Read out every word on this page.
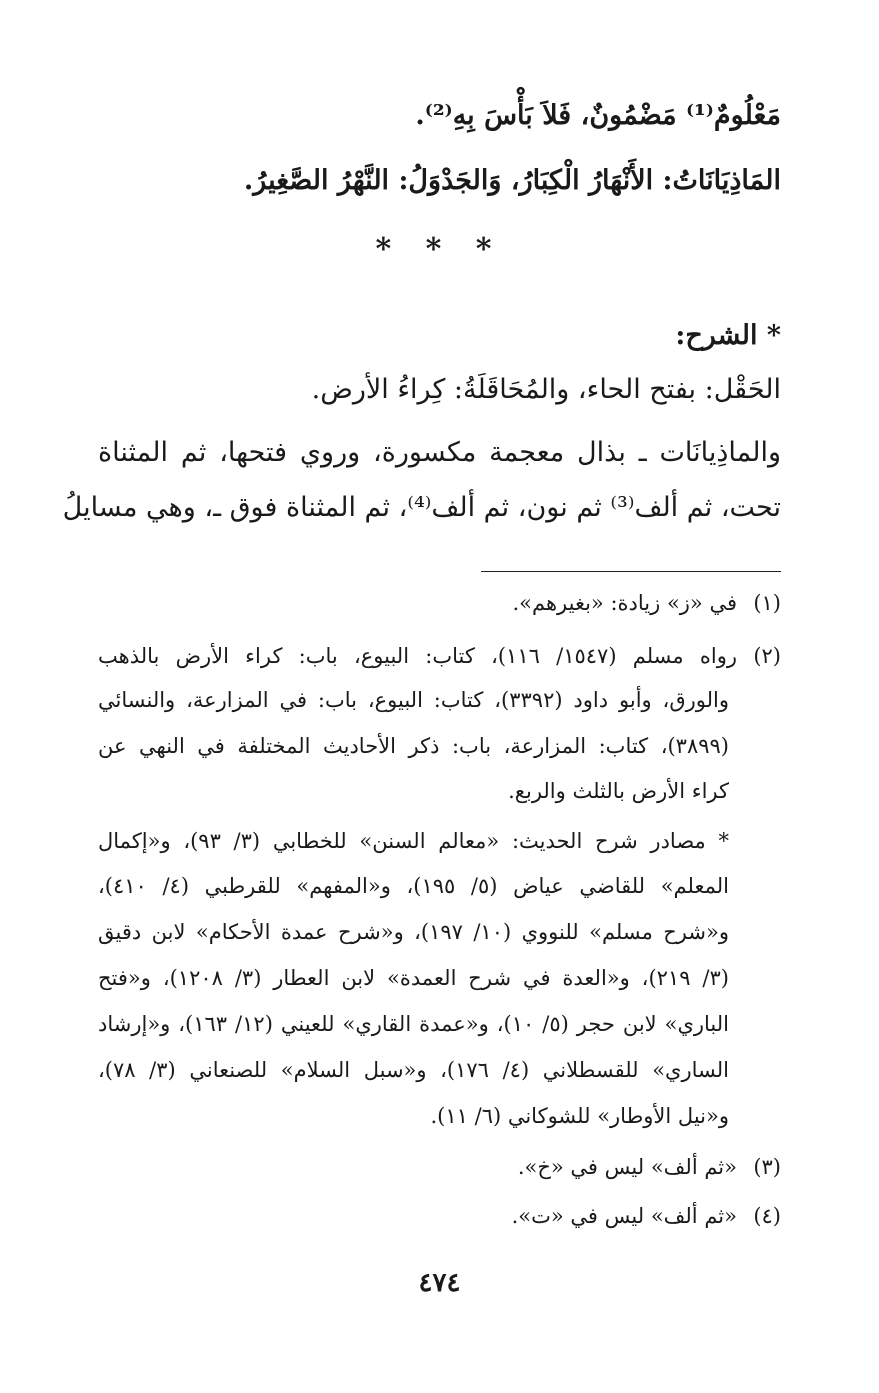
مَعْلُومٌ⁽¹⁾ مَضْمُونٌ، فَلاَ بَأْسَ بِهِ⁽²⁾.
المَاذِيَانَاتُ: الأَنْهَارُ الْكِبَارُ، وَالجَدْوَلُ: النَّهْرُ الصَّغِيرُ.
* * *
* الشرح:
الحَقْل: بفتح الحاء، والمُحَاقَلَةُ: كِراءُ الأرض.
والماذِيانَات ـ بذال معجمة مكسورة، وروي فتحها، ثم المثناة
تحت، ثم ألف⁽³⁾ ثم نون، ثم ألف⁽⁴⁾، ثم المثناة فوق ـ، وهي مسايلُ
(١)في «ز» زيادة: «بغيرهم».
(٢)رواه مسلم (١٥٤٧/ ١١٦)، كتاب: البيوع، باب: كراء الأرض بالذهب
والورق، وأبو داود (٣٣٩٢)، كتاب: البيوع، باب: في المزارعة، والنسائي
(٣٨٩٩)، كتاب: المزارعة، باب: ذكر الأحاديث المختلفة في النهي عن
كراء الأرض بالثلث والربع.
* مصادر شرح الحديث: «معالم السنن» للخطابي (٣/ ٩٣)، و«إكمال
المعلم» للقاضي عياض (٥/ ١٩٥)، و«المفهم» للقرطبي (٤/ ٤١٠)،
و«شرح مسلم» للنووي (١٠/ ١٩٧)، و«شرح عمدة الأحكام» لابن دقيق
(٣/ ٢١٩)، و«العدة في شرح العمدة» لابن العطار (٣/ ١٢٠٨)، و«فتح
الباري» لابن حجر (٥/ ١٠)، و«عمدة القاري» للعيني (١٢/ ١٦٣)، و«إرشاد
الساري» للقسطلاني (٤/ ١٧٦)، و«سبل السلام» للصنعاني (٣/ ٧٨)،
و«نيل الأوطار» للشوكاني (٦/ ١١).
(٣)«ثم ألف» ليس في «خ».
(٤)«ثم ألف» ليس في «ت».
٤٧٤
